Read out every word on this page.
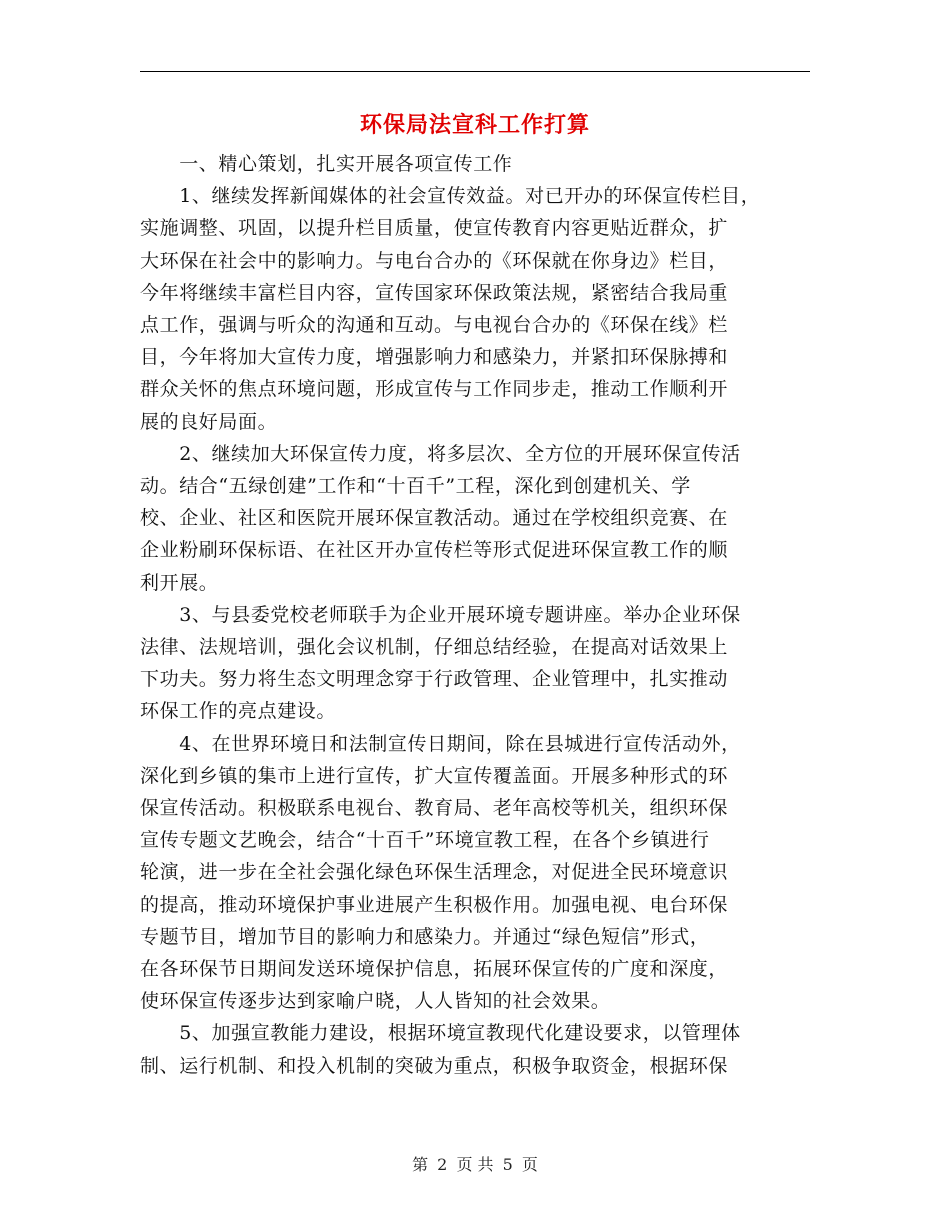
环保局法宣科工作打算
　　一、精心策划，扎实开展各项宣传工作
　　1、继续发挥新闻媒体的社会宣传效益。对已开办的环保宣传栏目，
实施调整、巩固，以提升栏目质量，使宣传教育内容更贴近群众，扩
大环保在社会中的影响力。与电台合办的《环保就在你身边》栏目，
今年将继续丰富栏目内容，宣传国家环保政策法规，紧密结合我局重
点工作，强调与听众的沟通和互动。与电视台合办的《环保在线》栏
目，今年将加大宣传力度，增强影响力和感染力，并紧扣环保脉搏和
群众关怀的焦点环境问题，形成宣传与工作同步走，推动工作顺利开
展的良好局面。
　　2、继续加大环保宣传力度，将多层次、全方位的开展环保宣传活
动。结合“五绿创建”工作和“十百千”工程，深化到创建机关、学
校、企业、社区和医院开展环保宣教活动。通过在学校组织竞赛、在
企业粉刷环保标语、在社区开办宣传栏等形式促进环保宣教工作的顺
利开展。
　　3、与县委党校老师联手为企业开展环境专题讲座。举办企业环保
法律、法规培训，强化会议机制，仔细总结经验，在提高对话效果上
下功夫。努力将生态文明理念穿于行政管理、企业管理中，扎实推动
环保工作的亮点建设。
　　4、在世界环境日和法制宣传日期间，除在县城进行宣传活动外，
深化到乡镇的集市上进行宣传，扩大宣传覆盖面。开展多种形式的环
保宣传活动。积极联系电视台、教育局、老年高校等机关，组织环保
宣传专题文艺晚会，结合“十百千”环境宣教工程，在各个乡镇进行
轮演，进一步在全社会强化绿色环保生活理念，对促进全民环境意识
的提高，推动环境保护事业进展产生积极作用。加强电视、电台环保
专题节目，增加节目的影响力和感染力。并通过“绿色短信”形式，
在各环保节日期间发送环境保护信息，拓展环保宣传的广度和深度，
使环保宣传逐步达到家喻户晓，人人皆知的社会效果。
　　5、加强宣教能力建设，根据环境宣教现代化建设要求，以管理体
制、运行机制、和投入机制的突破为重点，积极争取资金，根据环保
第 2 页 共 5 页
